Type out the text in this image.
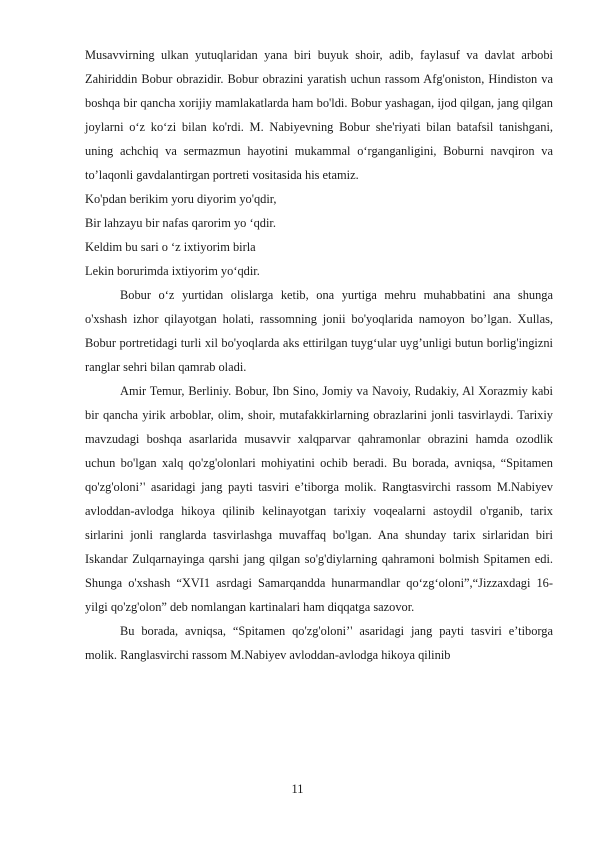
Musavvirning ulkan yutuqlaridan yana biri buyuk shoir, adib, faylasuf va davlat arbobi Zahiriddin Bobur obrazidir. Bobur obrazini yaratish uchun rassom Afg'oniston, Hindiston va boshqa bir qancha xorijiy mamlakatlarda ham bo'ldi. Bobur yashagan, ijod qilgan, jang qilgan joylarni o‘z ko‘zi bilan ko'rdi. M. Nabiyevning Bobur she'riyati bilan batafsil tanishgani, uning achchiq va sermazmun hayotini mukammal o‘rganganligini, Boburni navqiron va to’laqonli gavdalantirgan portreti vositasida his etamiz.

Ko'pdan berikim yoru diyorim yo'qdir,

Bir lahzayu bir nafas qarorim yo ‘qdir.

Keldim bu sari o ‘z ixtiyorim birla

Lekin borurimda ixtiyorim yo‘qdir.

Bobur o‘z yurtidan olislarga ketib, ona yurtiga mehru muhabbatini ana shunga o'xshash izhor qilayotgan holati, rassomning jonii bo'yoqlarida namoyon bo’lgan. Xullas, Bobur portretidagi turli xil bo'yoqlarda aks ettirilgan tuyg‘ular uyg’unligi butun borlig'ingizni ranglar sehri bilan qamrab oladi.

Amir Temur, Berliniy. Bobur, Ibn Sino, Jomiy va Navoiy, Rudakiy, Al Xorazmiy kabi bir qancha yirik arboblar, olim, shoir, mutafakkirlarning obrazlarini jonli tasvirlaydi. Tarixiy mavzudagi boshqa asarlarida musavvir xalqparvar qahramonlar obrazini hamda ozodlik uchun bo'lgan xalq qo'zg'olonlari mohiyatini ochib beradi. Bu borada, avniqsa, “Spitamen qo'zg'oloni’' asaridagi jang payti tasviri e’tiborga molik. Rangtasvirchi rassom M.Nabiyev avloddan-avlodga hikoya qilinib kelinayotgan tarixiy voqealarni astoydil o'rganib, tarix sirlarini jonli ranglarda tasvirlashga muvaffaq bo'lgan. Ana shunday tarix sirlaridan biri Iskandar Zulqarnayinga qarshi jang qilgan so'g'diylarning qahramoni bolmish Spitamen edi. Shunga o'xshash “XVI1 asrdagi Samarqandda hunarmandlar qo‘zg‘oloni”,“Jizzaxdagi 16-yilgi qo'zg'olon” deb nomlangan kartinalari ham diqqatga sazovor.

Bu borada, avniqsa, “Spitamen qo'zg'oloni’' asaridagi jang payti tasviri e’tiborga molik. Ranglasvirchi rassom M.Nabiyev avloddan-avlodga hikoya qilinib

11
